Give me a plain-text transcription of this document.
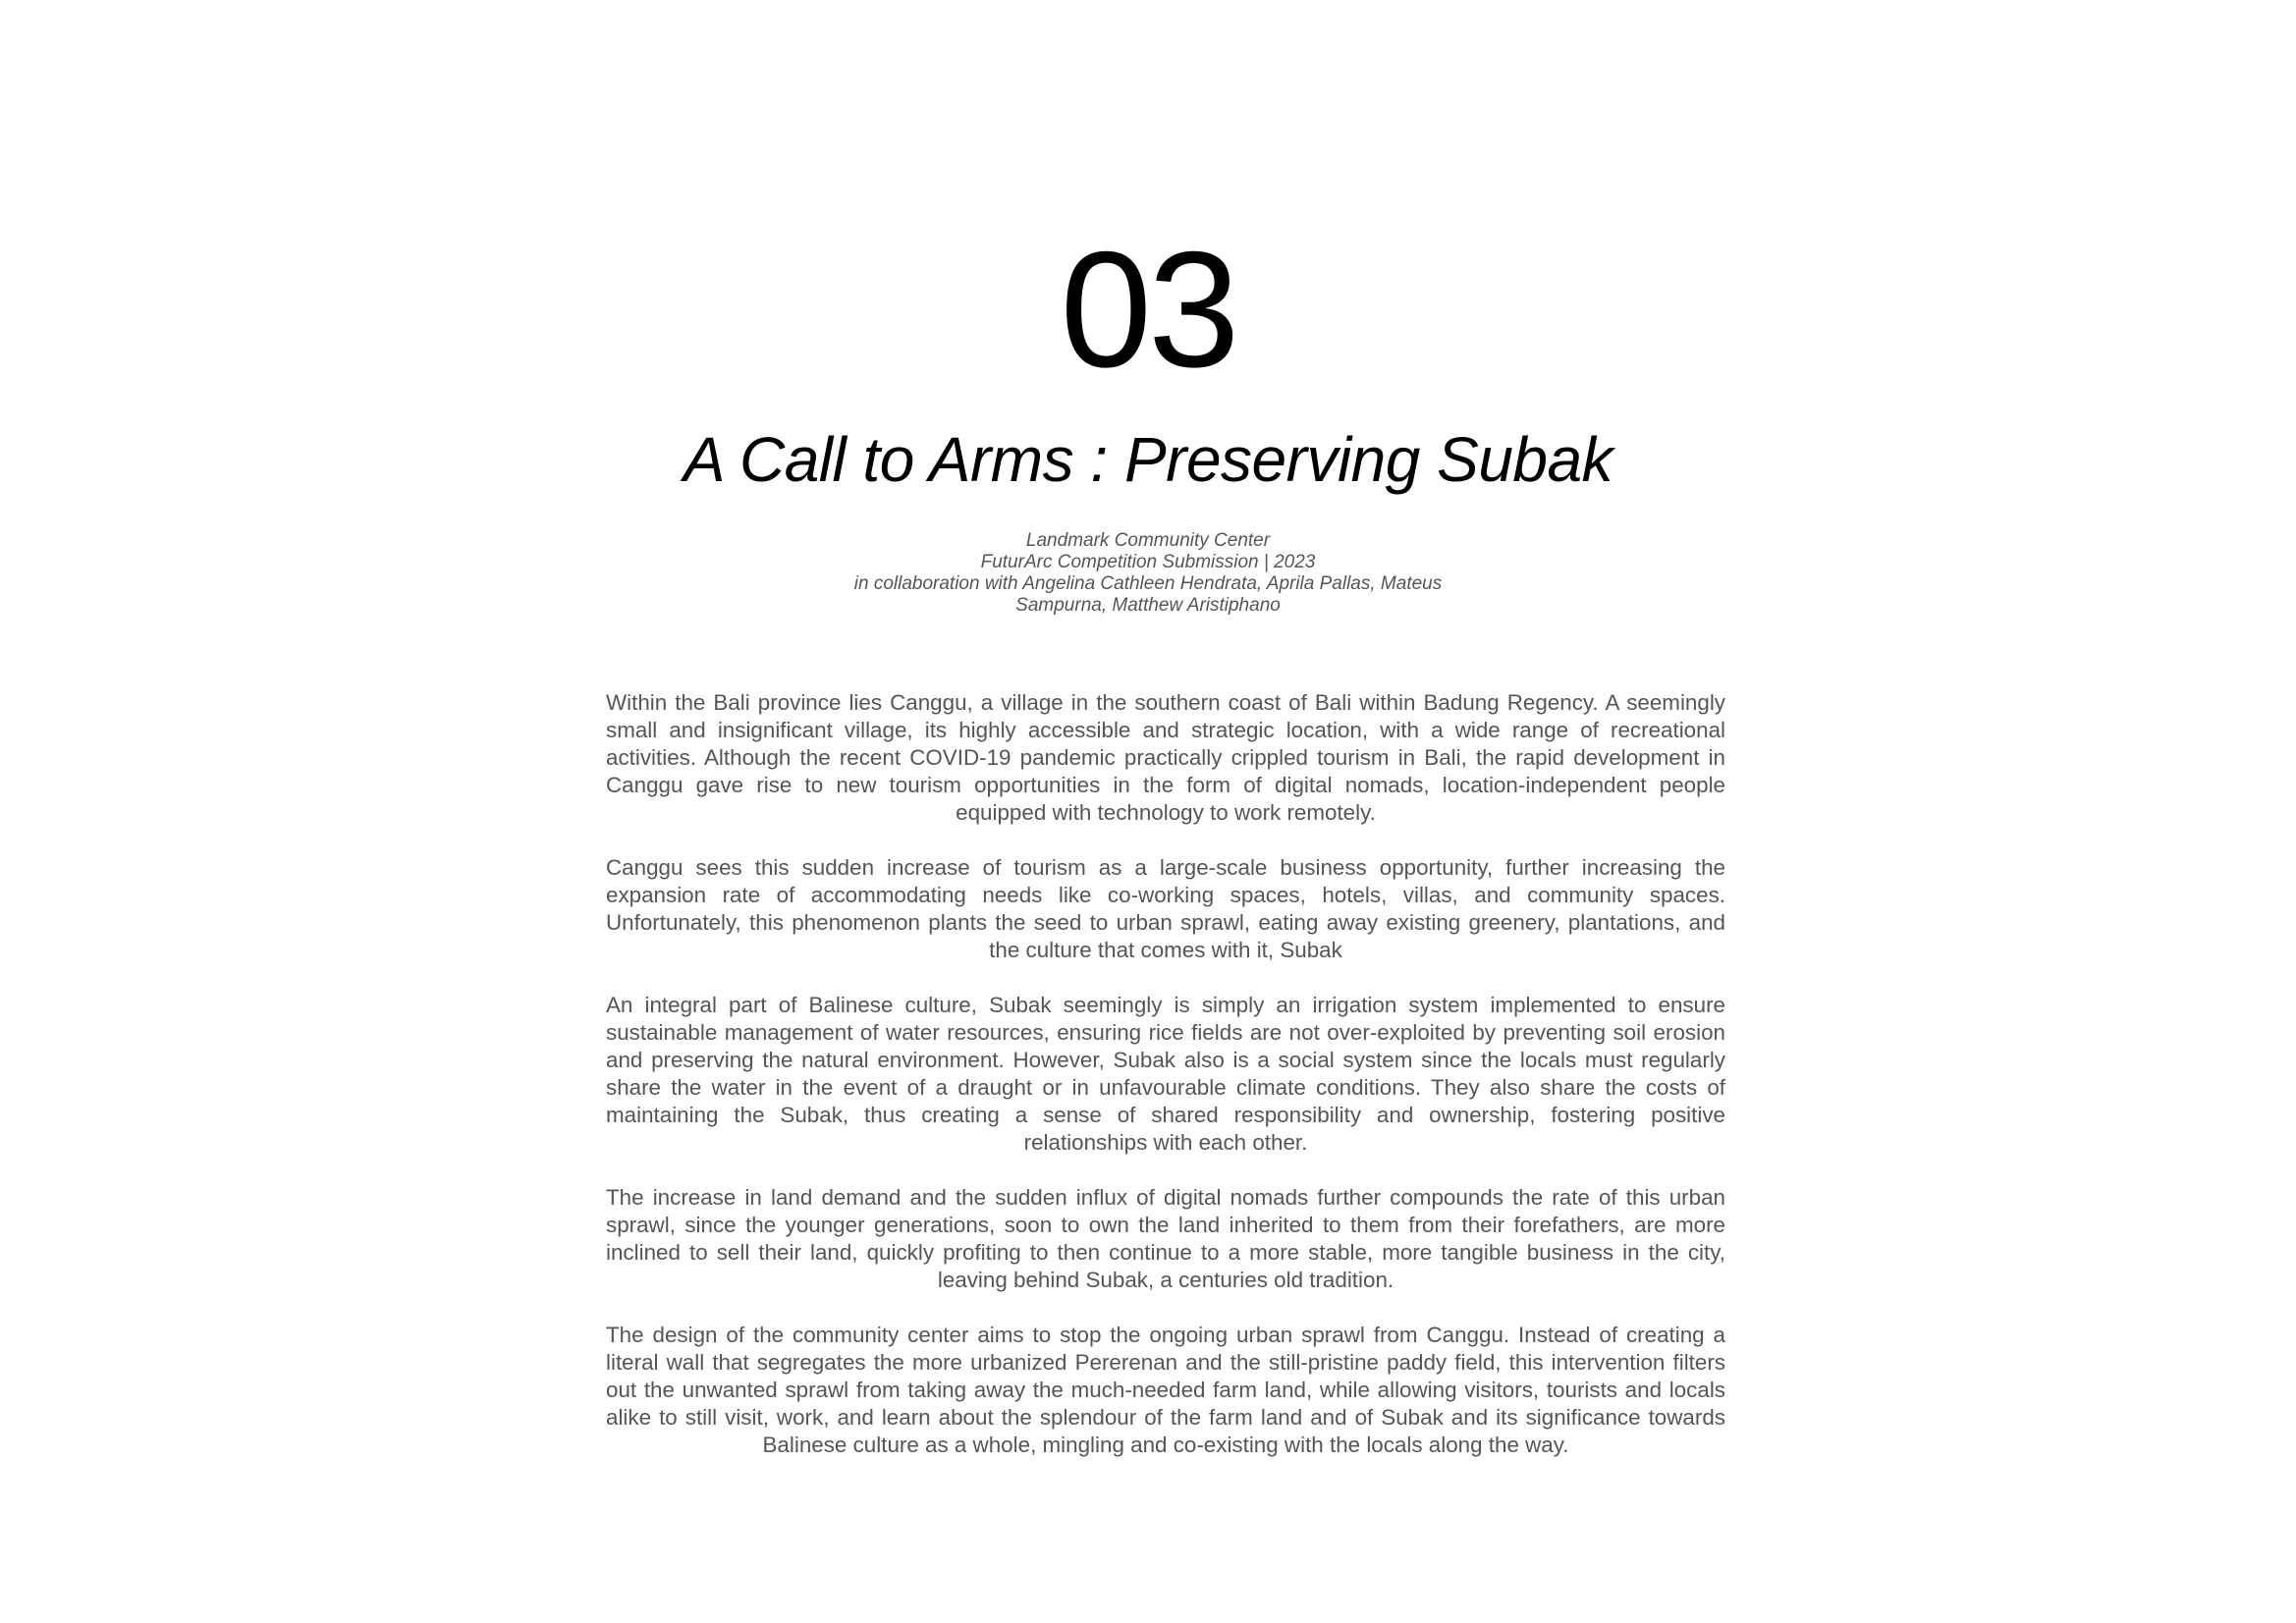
03
A Call to Arms : Preserving Subak
Landmark Community Center
FuturArc Competition Submission | 2023
in collaboration with Angelina Cathleen Hendrata, Aprila Pallas, Mateus
Sampurna, Matthew Aristiphano

Within the Bali province lies Canggu, a village in the southern coast of Bali within Badung Regency. A seemingly small and insignificant village, its highly accessible and strategic location, with a wide range of recreational activities. Although the recent COVID-19 pandemic practically crippled tourism in Bali, the rapid development in Canggu gave rise to new tourism opportunities in the form of digital nomads, location-independent people equipped with technology to work remotely.

Canggu sees this sudden increase of tourism as a large-scale business opportunity, further increasing the expansion rate of accommodating needs like co-working spaces, hotels, villas, and community spaces. Unfortunately, this phenomenon plants the seed to urban sprawl, eating away existing greenery, plantations, and the culture that comes with it, Subak

An integral part of Balinese culture, Subak seemingly is simply an irrigation system implemented to ensure sustainable management of water resources, ensuring rice fields are not over-exploited by preventing soil erosion and preserving the natural environment. However, Subak also is a social system since the locals must regularly share the water in the event of a draught or in unfavourable climate conditions. They also share the costs of maintaining the Subak, thus creating a sense of shared responsibility and ownership, fostering positive relationships with each other.

The increase in land demand and the sudden influx of digital nomads further compounds the rate of this urban sprawl, since the younger generations, soon to own the land inherited to them from their forefathers, are more inclined to sell their land, quickly profiting to then continue to a more stable, more tangible business in the city, leaving behind Subak, a centuries old tradition.

The design of the community center aims to stop the ongoing urban sprawl from Canggu. Instead of creating a literal wall that segregates the more urbanized Pererenan and the still-pristine paddy field, this intervention filters out the unwanted sprawl from taking away the much-needed farm land, while allowing visitors, tourists and locals alike to still visit, work, and learn about the splendour of the farm land and of Subak and its significance towards Balinese culture as a whole, mingling and co-existing with the locals along the way.
